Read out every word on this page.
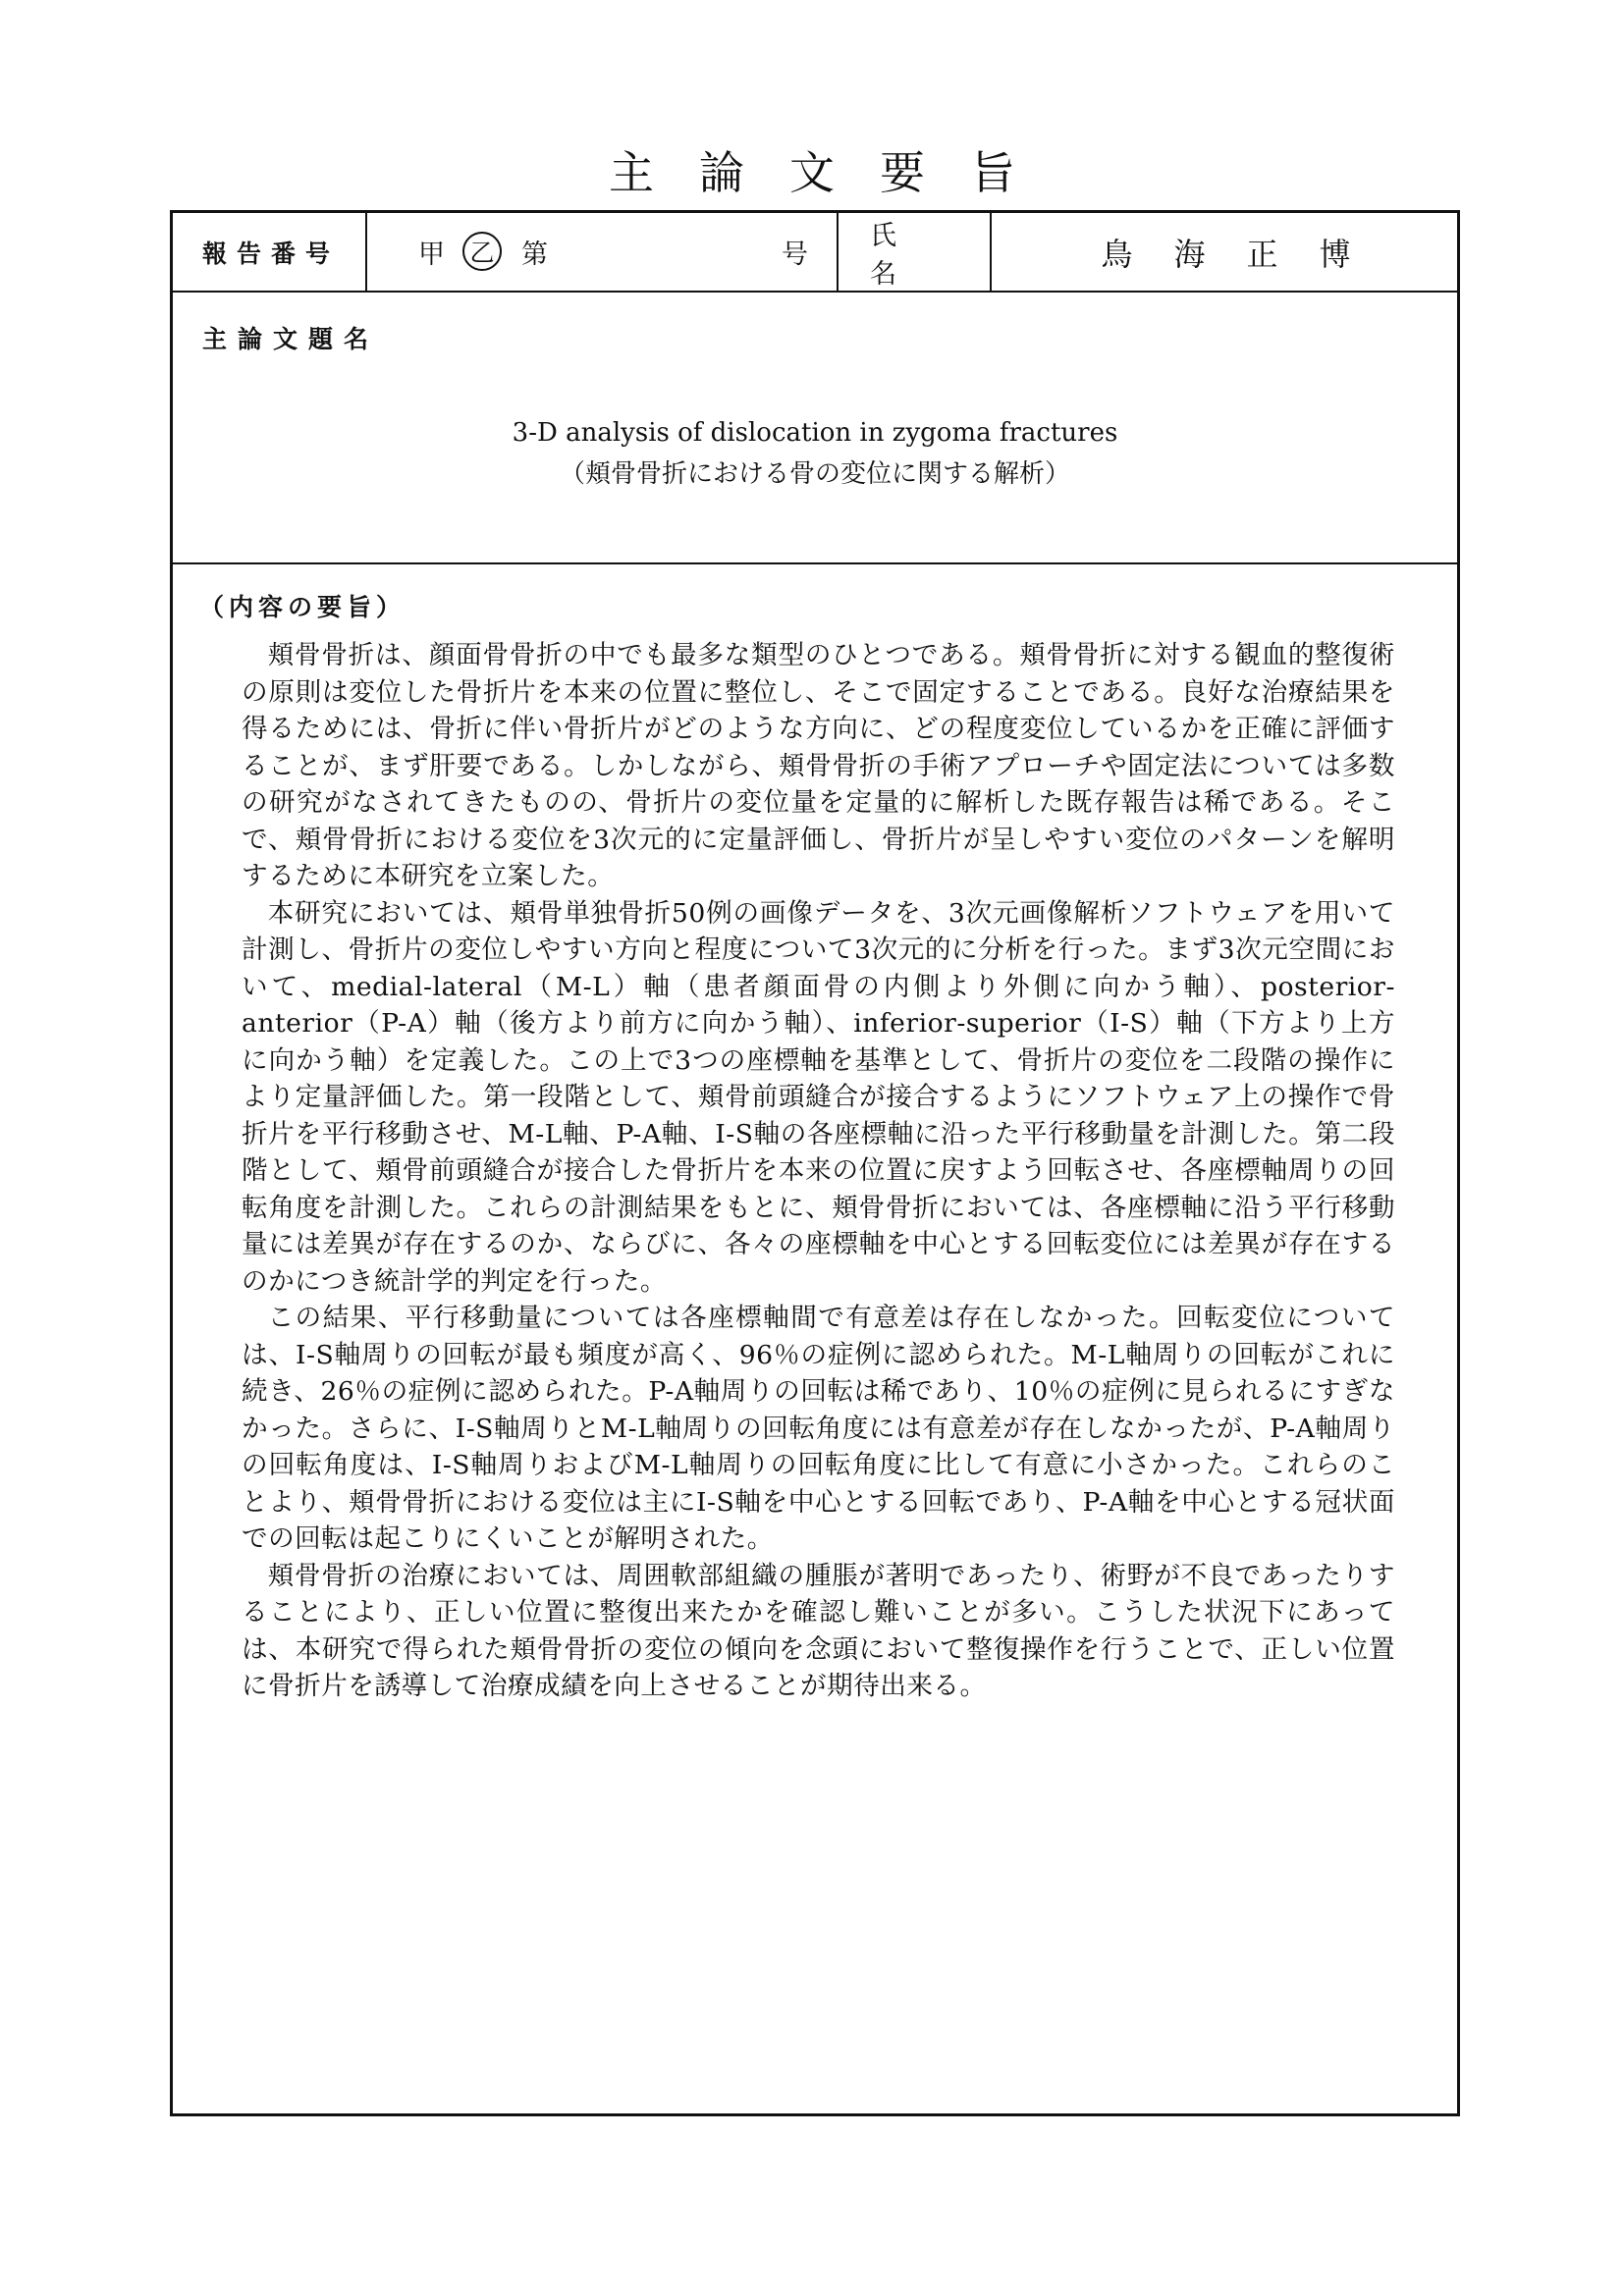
主論文要旨
報告番号	甲 乙 第	号
氏　名
鳥海正博
主論文題名
3-D analysis of dislocation in zygoma fractures
（頬骨骨折における骨の変位に関する解析）
（内容の要旨）

頬骨骨折は、顔面骨骨折の中でも最多な類型のひとつである。頬骨骨折に対する観血的整復術の原則は変位した骨折片を本来の位置に整位し、そこで固定することである。良好な治療結果を得るためには、骨折に伴い骨折片がどのような方向に、どの程度変位しているかを正確に評価することが、まず肝要である。しかしながら、頬骨骨折の手術アプローチや固定法については多数の研究がなされてきたものの、骨折片の変位量を定量的に解析した既存報告は稀である。そこで、頬骨骨折における変位を3次元的に定量評価し、骨折片が呈しやすい変位のパターンを解明するために本研究を立案した。

本研究においては、頬骨単独骨折50例の画像データを、3次元画像解析ソフトウェアを用いて計測し、骨折片の変位しやすい方向と程度について3次元的に分析を行った。まず3次元空間において、medial-lateral（M-L）軸（患者顔面骨の内側より外側に向かう軸）、posterior-anterior（P-A）軸（後方より前方に向かう軸）、inferior-superior（I-S）軸（下方より上方に向かう軸）を定義した。この上で3つの座標軸を基準として、骨折片の変位を二段階の操作により定量評価した。第一段階として、頬骨前頭縫合が接合するようにソフトウェア上の操作で骨折片を平行移動させ、M-L軸、P-A軸、I-S軸の各座標軸に沿った平行移動量を計測した。第二段階として、頬骨前頭縫合が接合した骨折片を本来の位置に戻すよう回転させ、各座標軸周りの回転角度を計測した。これらの計測結果をもとに、頬骨骨折においては、各座標軸に沿う平行移動量には差異が存在するのか、ならびに、各々の座標軸を中心とする回転変位には差異が存在するのかにつき統計学的判定を行った。

この結果、平行移動量については各座標軸間で有意差は存在しなかった。回転変位については、I-S軸周りの回転が最も頻度が高く、96％の症例に認められた。M-L軸周りの回転がこれに続き、26％の症例に認められた。P-A軸周りの回転は稀であり、10％の症例に見られるにすぎなかった。さらに、I-S軸周りとM-L軸周りの回転角度には有意差が存在しなかったが、P-A軸周りの回転角度は、I-S軸周りおよびM-L軸周りの回転角度に比して有意に小さかった。これらのことより、頬骨骨折における変位は主にI-S軸を中心とする回転であり、P-A軸を中心とする冠状面での回転は起こりにくいことが解明された。

頬骨骨折の治療においては、周囲軟部組織の腫脹が著明であったり、術野が不良であったりすることにより、正しい位置に整復出来たかを確認し難いことが多い。こうした状況下にあっては、本研究で得られた頬骨骨折の変位の傾向を念頭において整復操作を行うことで、正しい位置に骨折片を誘導して治療成績を向上させることが期待出来る。
